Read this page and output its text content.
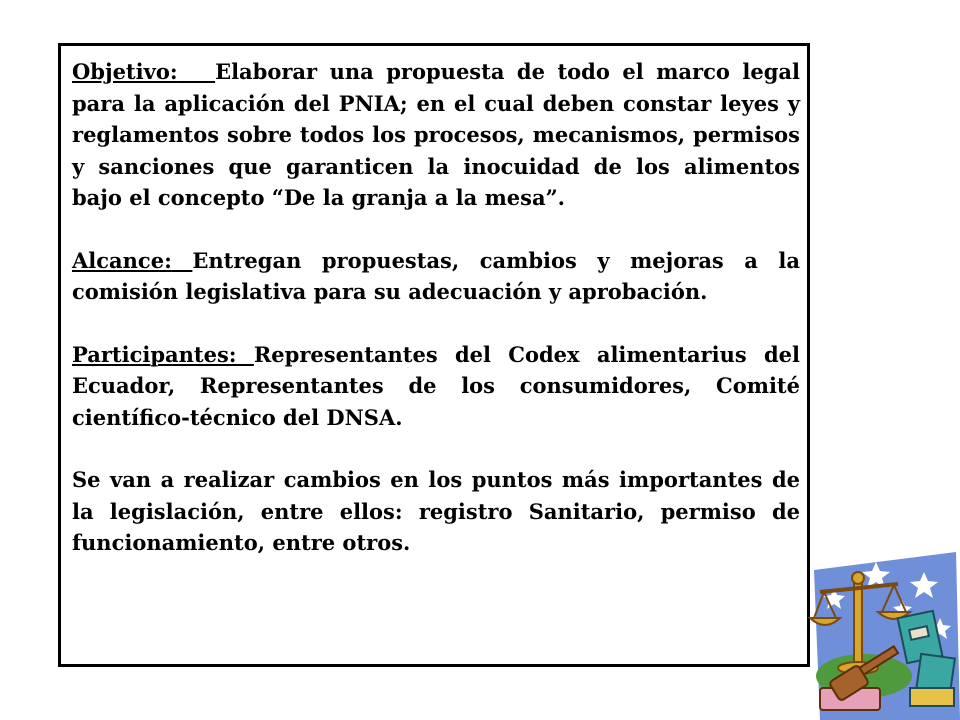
Objetivo: Elaborar una propuesta de todo el marco legal para la aplicación del PNIA; en el cual deben constar leyes y reglamentos sobre todos los procesos, mecanismos, permisos y sanciones que garanticen la inocuidad de los alimentos bajo el concepto “De la granja a la mesa”.

Alcance: Entregan propuestas, cambios y mejoras a la comisión legislativa para su adecuación y aprobación.

Participantes: Representantes del Codex alimentarius del Ecuador, Representantes de los consumidores, Comité científico-técnico del DNSA.

Se van a realizar cambios en los puntos más importantes de la legislación, entre ellos: registro Sanitario, permiso de funcionamiento, entre otros.
